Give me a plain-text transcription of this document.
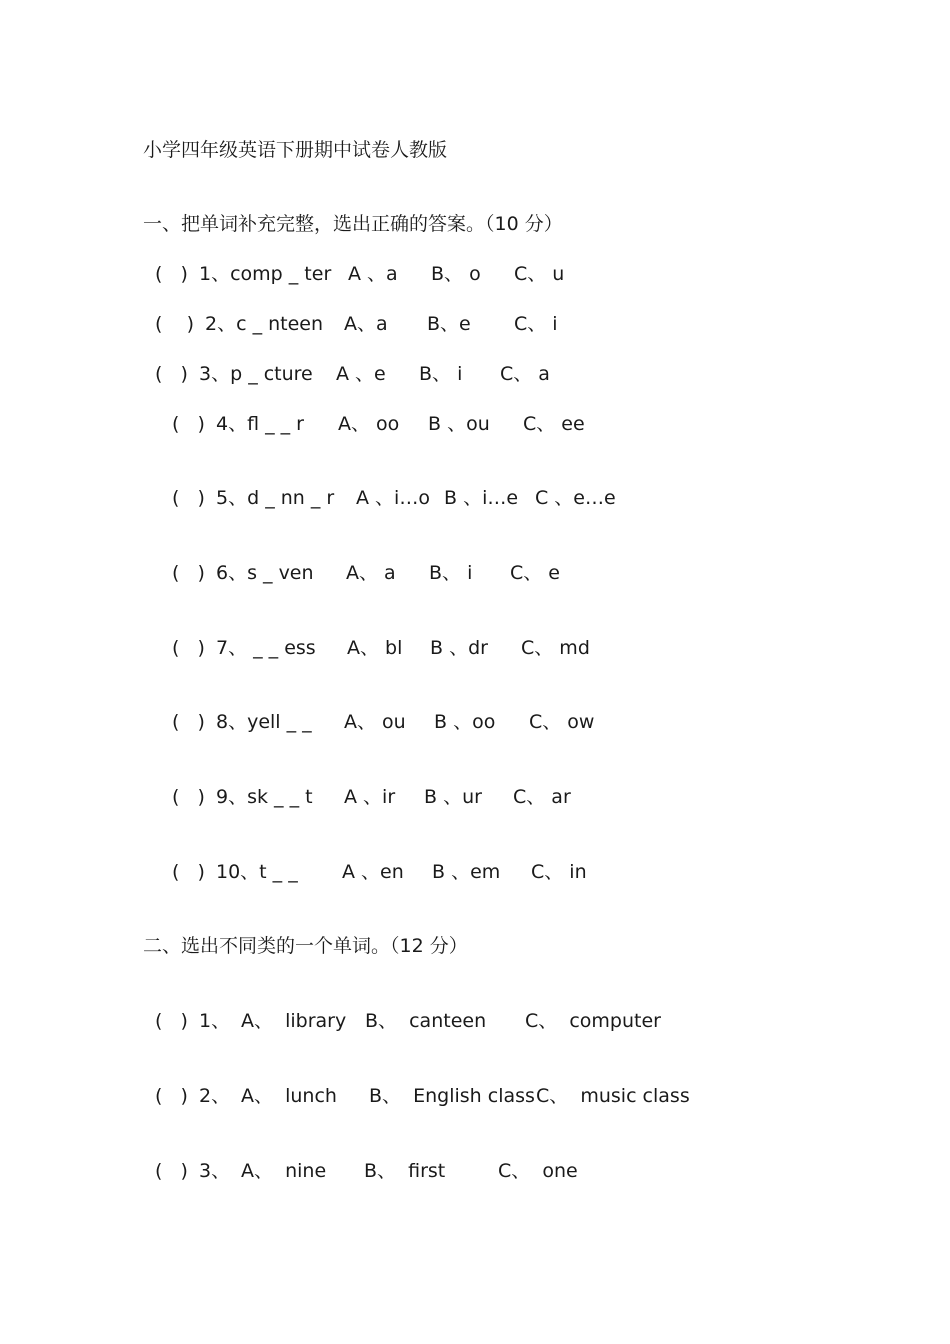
小学四年级英语下册期中试卷人教版
一、把单词补充完整，选出正确的答案。（10 分）

(   )

1、comp _ ter

A 、a

B、 o

C、 u

(    )

2、c _ nteen

A、a

B、e

C、 i

(   )

3、p _ cture

A 、e

B、 i

C、 a

(   )

4、fl _ _ r

A、 oo

B 、ou

C、 ee

(   )

5、d _ nn _ r

A 、i…o

B 、i…e

C 、e…e

(   )

6、s _ ven

A、 a

B、 i

C、 e

(   )

7、 _ _ ess

A、 bl

B 、dr

C、 md

(   )

8、yell _ _

A、 ou

B 、oo

C、 ow

(   )

9、sk _ _ t

A 、ir

B 、ur

C、 ar

(   )

10、t _ _

A 、en

B 、em

C、 in

二、选出不同类的一个单词。（12 分）

(   )

1、

A、  library

B、  canteen

C、  computer

(   )

2、

A、  lunch

B、  English class

C、  music class

(   )

3、

A、  nine

B、  first

	C、  one
